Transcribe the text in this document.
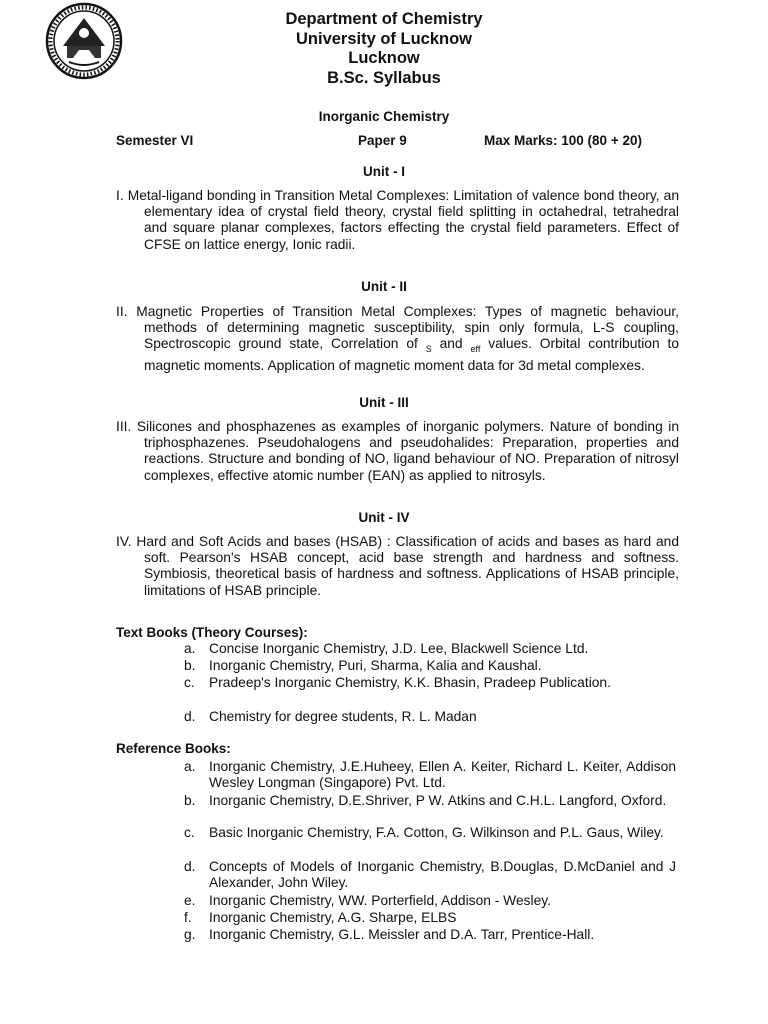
Department of Chemistry
University of Lucknow
Lucknow
B.Sc. Syllabus
Inorganic Chemistry
Semester VI	Paper 9	Max Marks: 100 (80 + 20)
Unit - I
I. Metal-ligand bonding in Transition Metal Complexes: Limitation of valence bond theory, an elementary idea of crystal field theory, crystal field splitting in octahedral, tetrahedral and square planar complexes, factors effecting the crystal field parameters. Effect of CFSE on lattice energy, Ionic radii.
Unit - II
II. Magnetic Properties of Transition Metal Complexes: Types of magnetic behaviour, methods of determining magnetic susceptibility, spin only formula, L-S coupling, Spectroscopic ground state, Correlation of $_S$ and $_{eff}$ values. Orbital contribution to magnetic moments. Application of magnetic moment data for 3d metal complexes.
Unit - III
III. Silicones and phosphazenes as examples of inorganic polymers. Nature of bonding in triphosphazenes. Pseudohalogens and pseudohalides: Preparation, properties and reactions. Structure and bonding of NO, ligand behaviour of NO. Preparation of nitrosyl complexes, effective atomic number (EAN) as applied to nitrosyls.
Unit - IV
IV. Hard and Soft Acids and bases (HSAB) : Classification of acids and bases as hard and soft. Pearson's HSAB concept, acid base strength and hardness and softness. Symbiosis, theoretical basis of hardness and softness. Applications of HSAB principle, limitations of HSAB principle.
Text Books (Theory Courses):
a. Concise Inorganic Chemistry, J.D. Lee, Blackwell Science Ltd.
b. Inorganic Chemistry, Puri, Sharma, Kalia and Kaushal.
c. Pradeep's Inorganic Chemistry, K.K. Bhasin, Pradeep Publication.
d. Chemistry for degree students, R. L. Madan
Reference Books:
a. Inorganic Chemistry, J.E.Huheey, Ellen A. Keiter, Richard L. Keiter, Addison Wesley Longman (Singapore) Pvt. Ltd.
b. Inorganic Chemistry, D.E.Shriver, P W. Atkins and C.H.L. Langford, Oxford.
c. Basic Inorganic Chemistry, F.A. Cotton, G. Wilkinson and P.L. Gaus, Wiley.
d. Concepts of Models of Inorganic Chemistry, B.Douglas, D.McDaniel and J Alexander, John Wiley.
e. Inorganic Chemistry, WW. Porterfield, Addison - Wesley.
f. Inorganic Chemistry, A.G. Sharpe, ELBS
g. Inorganic Chemistry, G.L. Meissler and D.A. Tarr, Prentice-Hall.
